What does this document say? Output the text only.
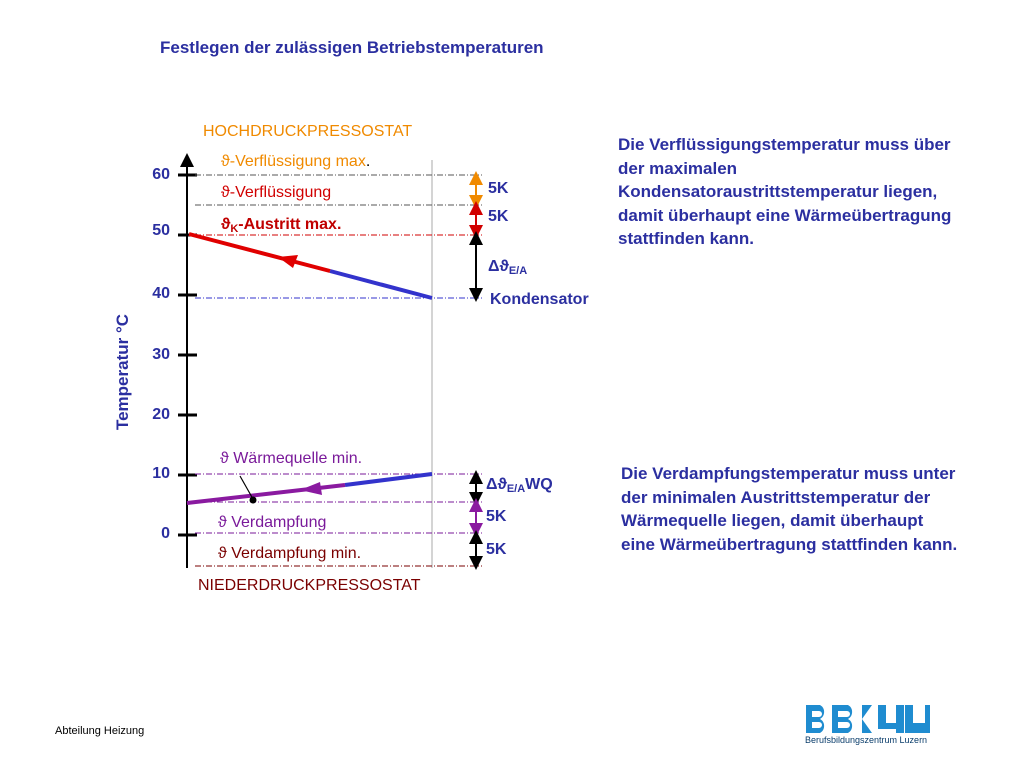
Festlegen der zulässigen Betriebstemperaturen
60
50
40
30
20
10
0
Temperatur °C
HOCHDRUCKPRESSOSTAT
ϑ-Verflüssigung max.
ϑ-Verflüssigung
$ϑ_K$-Austritt max.
5K
5K
$\Delta ϑ_{E/A}$
Kondensator
Die Verflüssigungstemperatur muss über der maximalen Kondensatoraustrittstemperatur liegen, damit überhaupt eine Wärmeübertragung stattfinden kann.
ϑ Wärmequelle min.
ϑ Verdampfung
ϑ Verdampfung min.
$\Delta ϑ_{E/A}WQ$
5K
5K
NIEDERDRUCKPRESSOSTAT
Die Verdampfungstemperatur muss unter der minimalen Austrittstemperatur der Wärmequelle liegen, damit überhaupt eine Wärmeübertragung stattfinden kann.
Abteilung Heizung
Berufsbildungszentrum Luzern
